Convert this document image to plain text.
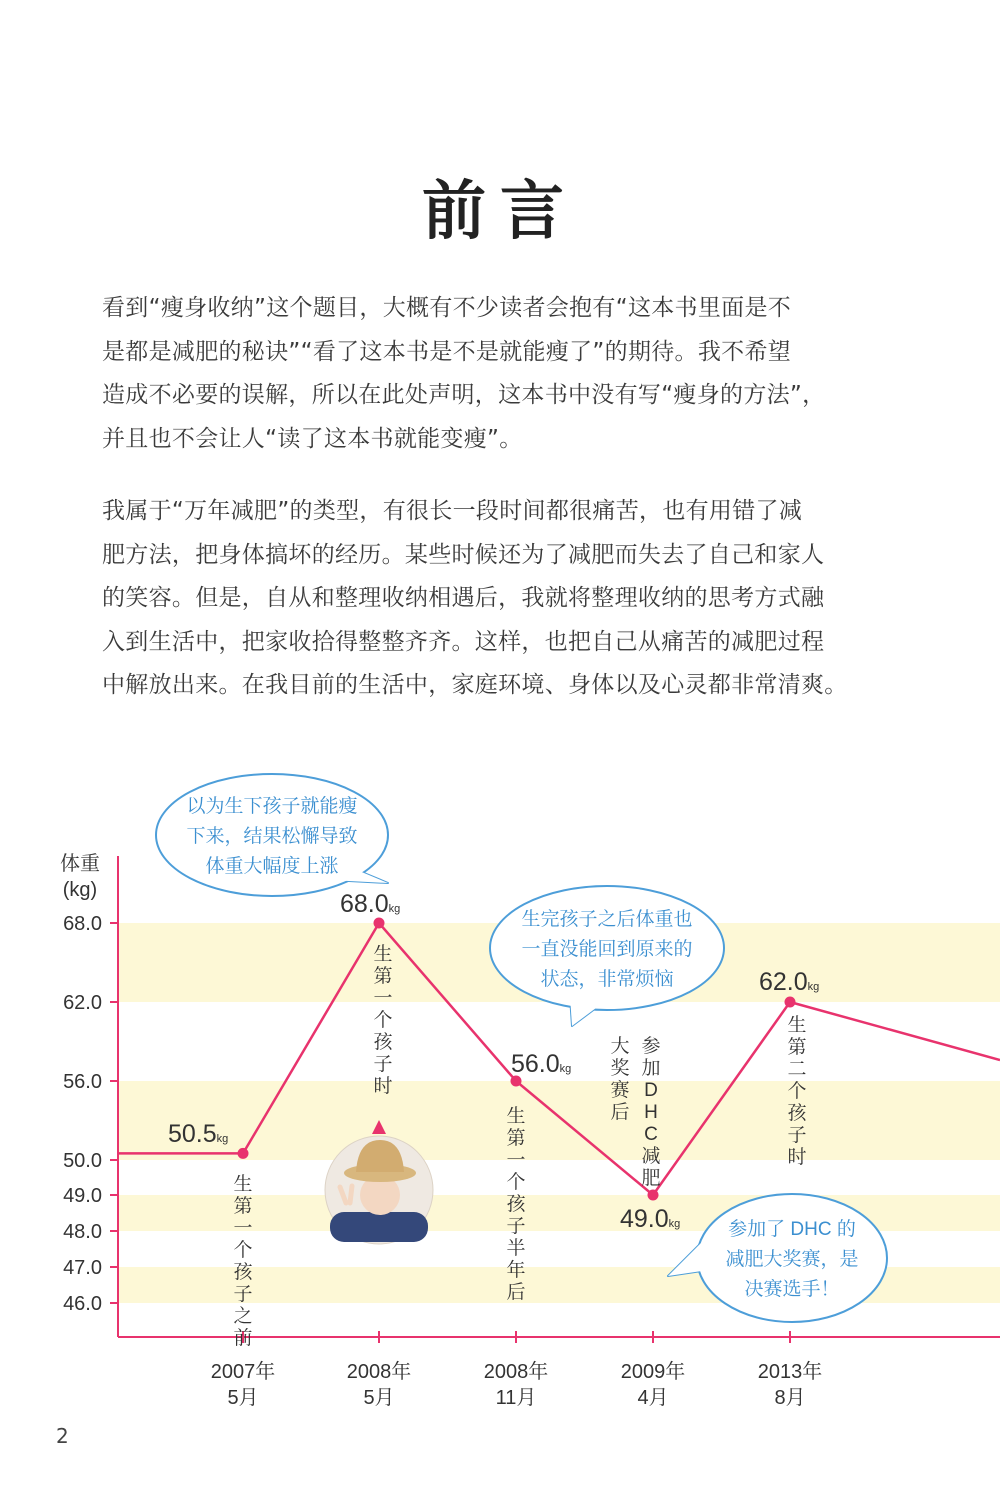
前言

看到“瘦身收纳”这个题目，大概有不少读者会抱有“这本书里面是不
是都是减肥的秘诀”“看了这本书是不是就能瘦了”的期待。我不希望
造成不必要的误解，所以在此处声明，这本书中没有写“瘦身的方法”，
并且也不会让人“读了这本书就能变瘦”。

我属于“万年减肥”的类型，有很长一段时间都很痛苦，也有用错了减
肥方法，把身体搞坏的经历。某些时候还为了减肥而失去了自己和家人
的笑容。但是，自从和整理收纳相遇后，我就将整理收纳的思考方式融
入到生活中，把家收拾得整整齐齐。这样，也把自己从痛苦的减肥过程
中解放出来。在我目前的生活中，家庭环境、身体以及心灵都非常清爽。

体重
(kg)
46.0
47.0
48.0
49.0
50.0
56.0
62.0
68.0
2007年
5月
2008年
5月
2008年
11月
2009年
4月
2013年
8月
50.5kg
68.0kg
56.0kg
49.0kg
62.0kg
生
第
一
个
孩
子
之
前
生
第
一
个
孩
子
时
生
第
一
个
孩
子
半
年
后
参
加
D
H
C
减
肥
大
奖
赛
后
生
第
二
个
孩
子
时
以为生下孩子就能瘦
下来，结果松懈导致
体重大幅度上涨
生完孩子之后体重也
一直没能回到原来的
状态，非常烦恼
参加了 DHC 的
减肥大奖赛，是
决赛选手！
2
